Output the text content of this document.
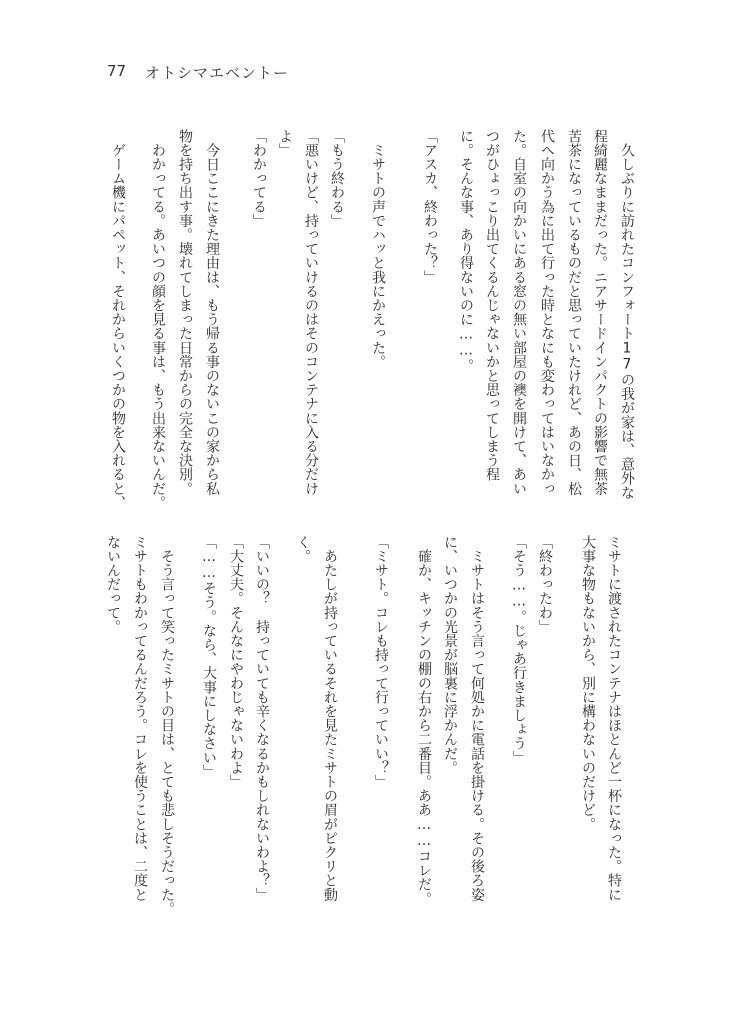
77 オトシマエベントー
　久しぶりに訪れたコンフォート17の我が家は、意外な
程綺麗なままだった。ニアサードインパクトの影響で無茶
苦茶になっているものだと思っていたけれど、あの日、松
代へ向かう為に出て行った時となにも変わってはいなかっ
た。自室の向かいにある窓の無い部屋の襖を開けて、あい
つがひょっこり出てくるんじゃないかと思ってしまう程
に。そんな事、あり得ないのに……。
「アスカ、終わった？」
　ミサトの声でハッと我にかえった。
「もう終わる」
「悪いけど、持っていけるのはそのコンテナに入る分だけ
よ」
「わかってる」
　今日ここにきた理由は、もう帰る事のないこの家から私
物を持ち出す事。壊れてしまった日常からの完全な決別。
　わかってる。あいつの顔を見る事は、もう出来ないんだ。
　ゲーム機にパペット、それからいくつかの物を入れると、
ミサトに渡されたコンテナはほとんど一杯になった。特に
大事な物もないから、別に構わないのだけど。
「終わったわ」
「そう……。じゃあ行きましょう」
　ミサトはそう言って何処かに電話を掛ける。その後ろ姿
に、いつかの光景が脳裏に浮かんだ。
　確か、キッチンの棚の右から二番目。ああ……コレだ。
「ミサト。コレも持って行っていい？」
　あたしが持っているそれを見たミサトの眉がピクリと動
く。
「いいの？　持っていても辛くなるかもしれないわよ？」
「大丈夫。そんなにやわじゃないわよ」
「……そう。なら、大事にしなさい」
　そう言って笑ったミサトの目は、とても悲しそうだった。
ミサトもわかってるんだろう。コレを使うことは、二度と
ないんだって。
